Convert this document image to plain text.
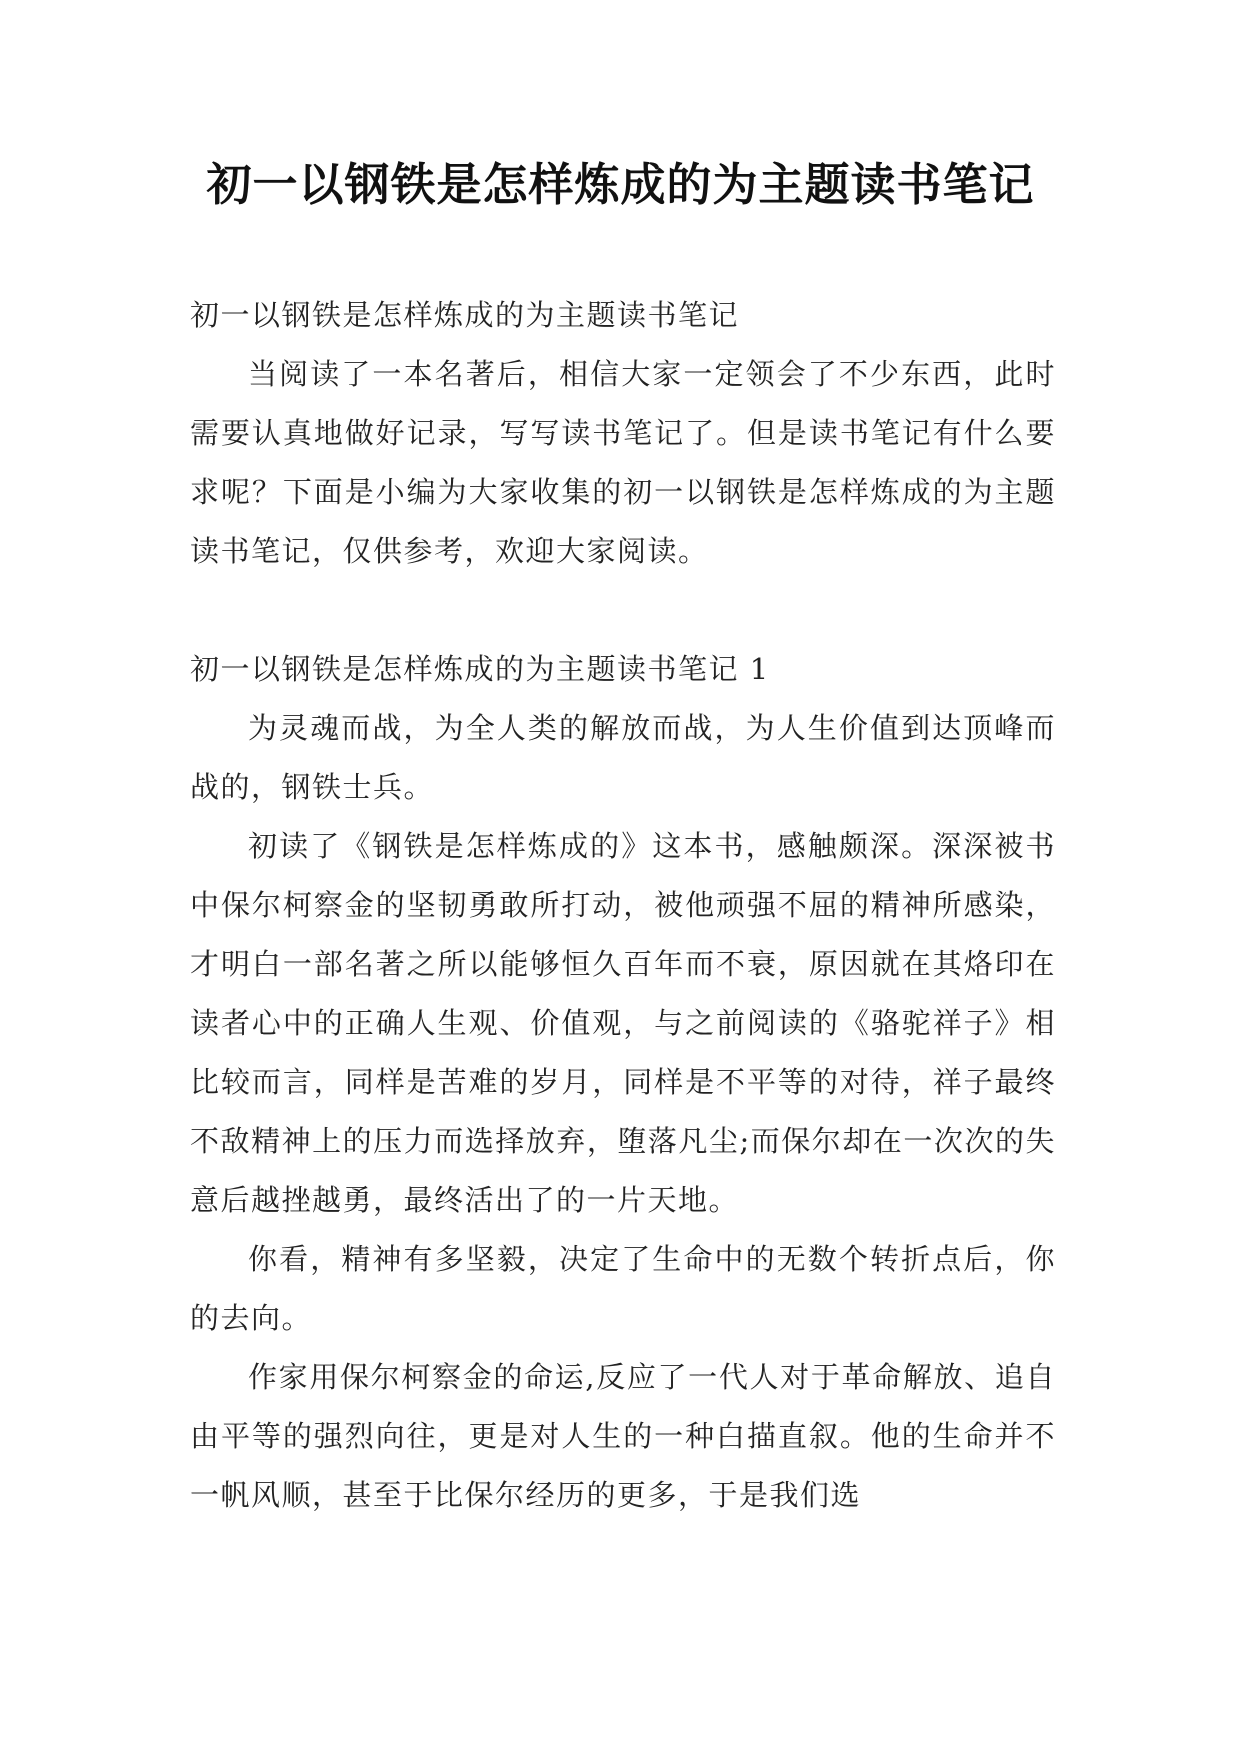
初一以钢铁是怎样炼成的为主题读书笔记

初一以钢铁是怎样炼成的为主题读书笔记

当阅读了一本名著后，相信大家一定领会了不少东西，此时需要认真地做好记录，写写读书笔记了。但是读书笔记有什么要求呢？下面是小编为大家收集的初一以钢铁是怎样炼成的为主题读书笔记，仅供参考，欢迎大家阅读。

初一以钢铁是怎样炼成的为主题读书笔记 1

为灵魂而战，为全人类的解放而战，为人生价值到达顶峰而战的，钢铁士兵。

初读了《钢铁是怎样炼成的》这本书，感触颇深。深深被书中保尔柯察金的坚韧勇敢所打动，被他顽强不屈的精神所感染，才明白一部名著之所以能够恒久百年而不衰，原因就在其烙印在读者心中的正确人生观、价值观，与之前阅读的《骆驼祥子》相比较而言，同样是苦难的岁月，同样是不平等的对待，祥子最终不敌精神上的压力而选择放弃，堕落凡尘;而保尔却在一次次的失意后越挫越勇，最终活出了的一片天地。

你看，精神有多坚毅，决定了生命中的无数个转折点后，你的去向。

作家用保尔柯察金的命运,反应了一代人对于革命解放、追自由平等的强烈向往，更是对人生的一种白描直叙。他的生命并不一帆风顺，甚至于比保尔经历的更多，于是我们选
